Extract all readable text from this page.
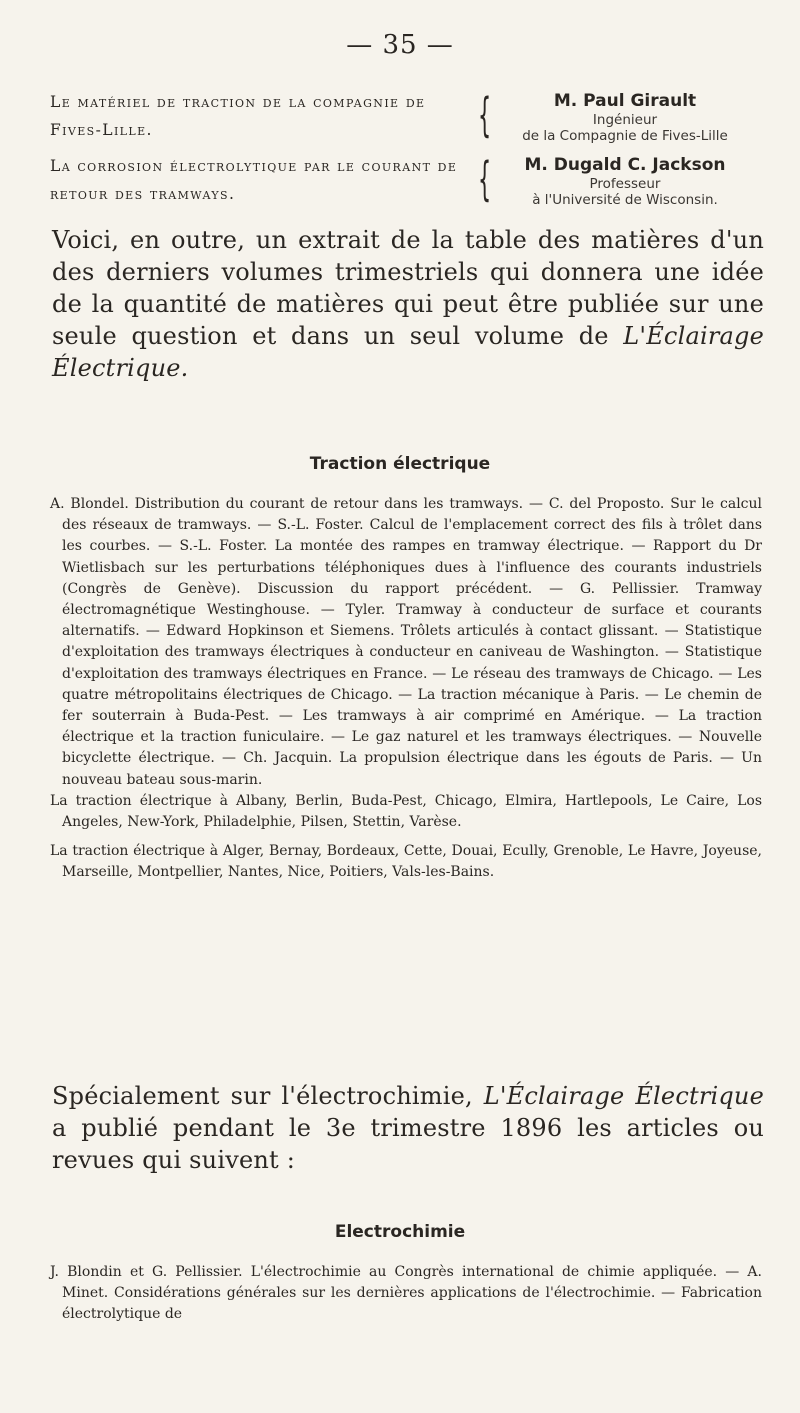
— 35 —
Le matériel de traction de la compagnie de Fives-Lille.	{	M. Paul Girault
Ingénieur
de la Compagnie de Fives-Lille
La corrosion électrolytique par le courant de retour des tramways.	{	M. Dugald C. Jackson
Professeur
à l'Université de Wisconsin.
Voici, en outre, un extrait de la table des matières d'un des derniers volumes trimestriels qui donnera une idée de la quantité de matières qui peut être publiée sur une seule question et dans un seul volume de L'Éclairage Électrique.
Traction électrique

A. Blondel. Distribution du courant de retour dans les tramways. — C. del Proposto. Sur le calcul des réseaux de tramways. — S.-L. Foster. Calcul de l'emplacement correct des fils à trôlet dans les courbes. — S.-L. Foster. La montée des rampes en tramway électrique. — Rapport du Dr Wietlisbach sur les perturbations téléphoniques dues à l'influence des courants industriels (Congrès de Genève). Discussion du rapport précédent. — G. Pellissier. Tramway électromagnétique Westinghouse. — Tyler. Tramway à conducteur de surface et courants alternatifs. — Edward Hopkinson et Siemens. Trôlets articulés à contact glissant. — Statistique d'exploitation des tramways électriques à conducteur en caniveau de Washington. — Statistique d'exploitation des tramways électriques en France. — Le réseau des tramways de Chicago. — Les quatre métropolitains électriques de Chicago. — La traction mécanique à Paris. — Le chemin de fer souterrain à Buda-Pest. — Les tramways à air comprimé en Amérique. — La traction électrique et la traction funiculaire. — Le gaz naturel et les tramways électriques. — Nouvelle bicyclette électrique. — Ch. Jacquin. La propulsion électrique dans les égouts de Paris. — Un nouveau bateau sous-marin.

La traction électrique à Albany, Berlin, Buda-Pest, Chicago, Elmira, Hartlepools, Le Caire, Los Angeles, New-York, Philadelphie, Pilsen, Stettin, Varèse.

La traction électrique à Alger, Bernay, Bordeaux, Cette, Douai, Ecully, Grenoble, Le Havre, Joyeuse, Marseille, Montpellier, Nantes, Nice, Poitiers, Vals-les-Bains.

Spécialement sur l'électrochimie, L'Éclairage Électrique a publié pendant le 3e trimestre 1896 les articles ou revues qui suivent :
Electrochimie

J. Blondin et G. Pellissier. L'électrochimie au Congrès international de chimie appliquée. — A. Minet. Considérations générales sur les dernières applications de l'électrochimie. — Fabrication électrolytique de
